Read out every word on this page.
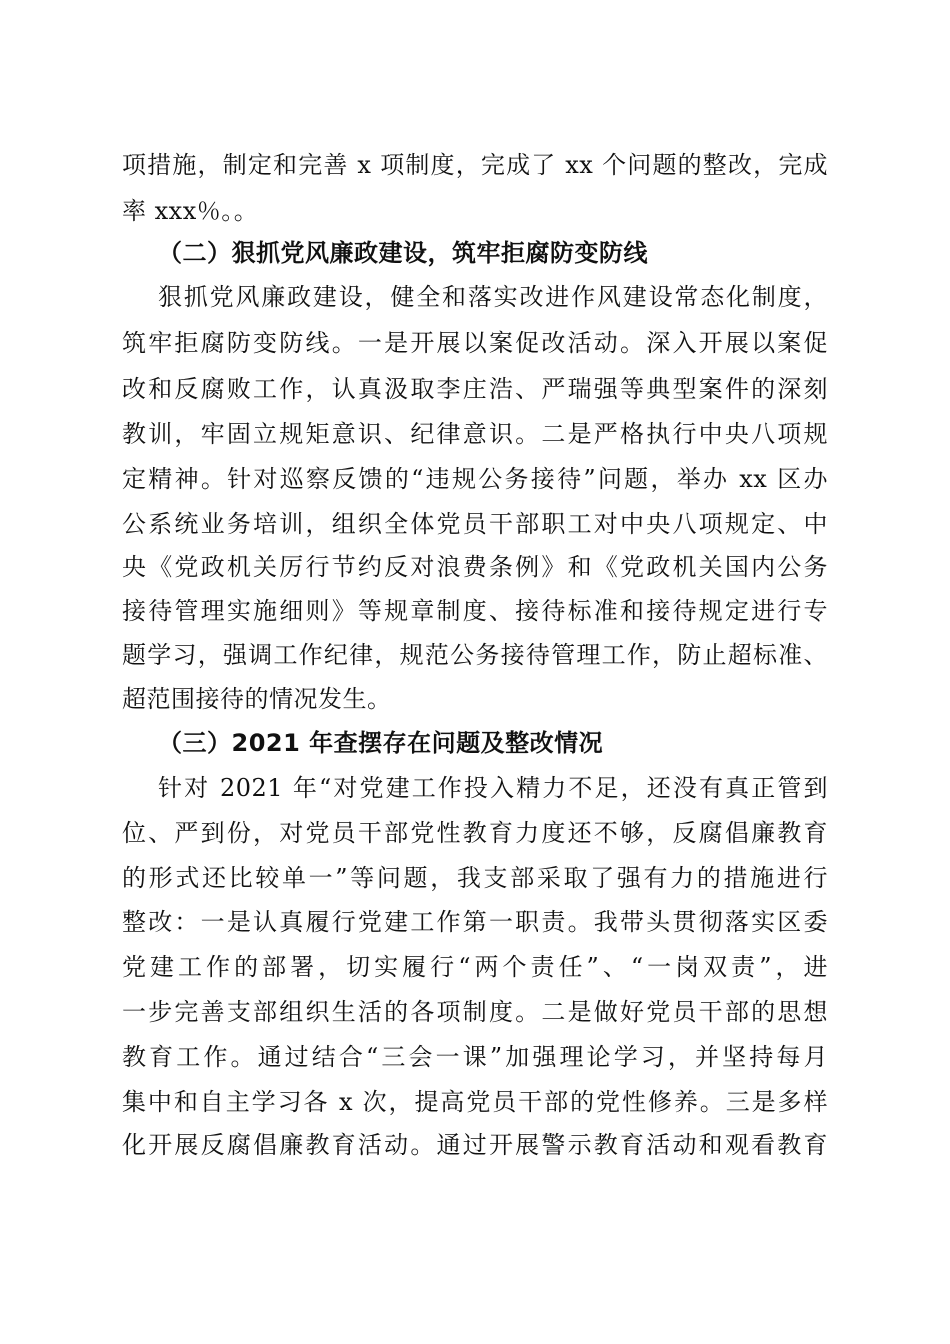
项措施，制定和完善 x 项制度，完成了 xx 个问题的整改，完成
率 xxx％。。
（二）狠抓党风廉政建设，筑牢拒腐防变防线
狠抓党风廉政建设，健全和落实改进作风建设常态化制度，
筑牢拒腐防变防线。一是开展以案促改活动。深入开展以案促
改和反腐败工作，认真汲取李庄浩、严瑞强等典型案件的深刻
教训，牢固立规矩意识、纪律意识。二是严格执行中央八项规
定精神。针对巡察反馈的“违规公务接待”问题，举办 xx 区办
公系统业务培训，组织全体党员干部职工对中央八项规定、中
央《党政机关厉行节约反对浪费条例》和《党政机关国内公务
接待管理实施细则》等规章制度、接待标准和接待规定进行专
题学习，强调工作纪律，规范公务接待管理工作，防止超标准、
超范围接待的情况发生。
（三）2021 年查摆存在问题及整改情况
针对 2021 年“对党建工作投入精力不足，还没有真正管到
位、严到份，对党员干部党性教育力度还不够，反腐倡廉教育
的形式还比较单一”等问题，我支部采取了强有力的措施进行
整改：一是认真履行党建工作第一职责。我带头贯彻落实区委
党建工作的部署，切实履行“两个责任”、“一岗双责”，进
一步完善支部组织生活的各项制度。二是做好党员干部的思想
教育工作。通过结合“三会一课”加强理论学习，并坚持每月
集中和自主学习各 x 次，提高党员干部的党性修养。三是多样
化开展反腐倡廉教育活动。通过开展警示教育活动和观看教育
